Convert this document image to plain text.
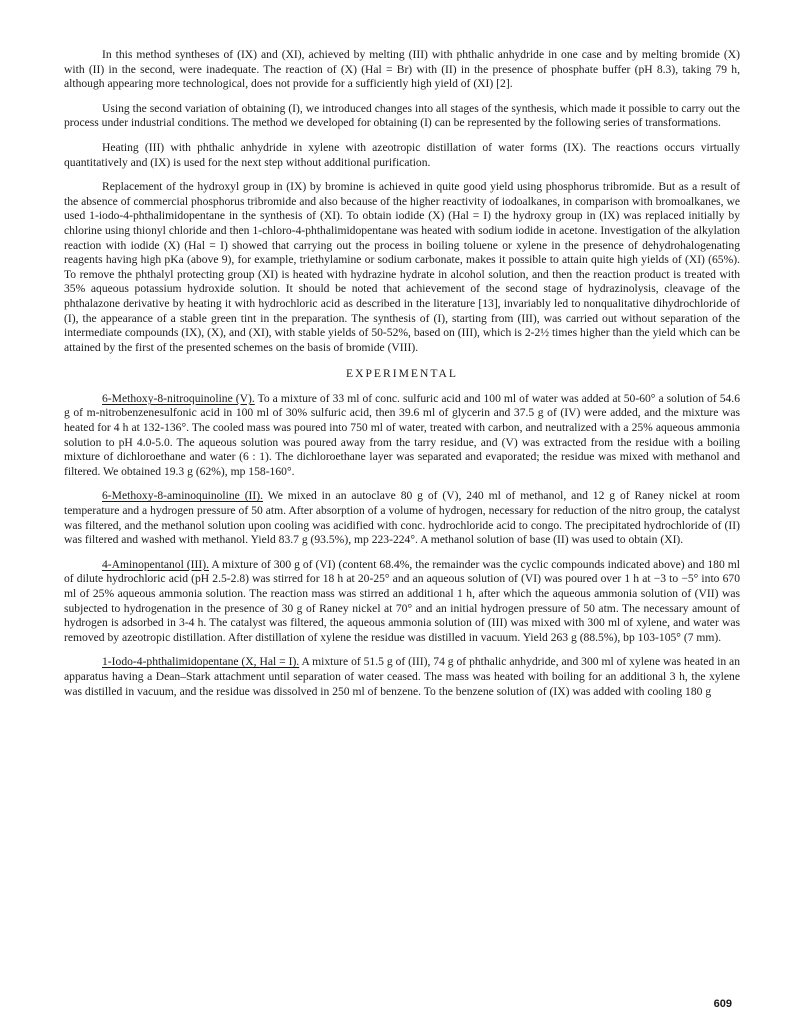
In this method syntheses of (IX) and (XI), achieved by melting (III) with phthalic anhydride in one case and by melting bromide (X) with (II) in the second, were inadequate. The reaction of (X) (Hal = Br) with (II) in the presence of phosphate buffer (pH 8.3), taking 79 h, although appearing more technological, does not provide for a sufficiently high yield of (XI) [2].

Using the second variation of obtaining (I), we introduced changes into all stages of the synthesis, which made it possible to carry out the process under industrial conditions. The method we developed for obtaining (I) can be represented by the following series of transformations.

Heating (III) with phthalic anhydride in xylene with azeotropic distillation of water forms (IX). The reactions occurs virtually quantitatively and (IX) is used for the next step without additional purification.

Replacement of the hydroxyl group in (IX) by bromine is achieved in quite good yield using phosphorus tribromide. But as a result of the absence of commercial phosphorus tribromide and also because of the higher reactivity of iodoalkanes, in comparison with bromoalkanes, we used 1-iodo-4-phthalimidopentane in the synthesis of (XI). To obtain iodide (X) (Hal = I) the hydroxy group in (IX) was replaced initially by chlorine using thionyl chloride and then 1-chloro-4-phthalimidopentane was heated with sodium iodide in acetone. Investigation of the alkylation reaction with iodide (X) (Hal = I) showed that carrying out the process in boiling toluene or xylene in the presence of dehydrohalogenating reagents having high pKa (above 9), for example, triethylamine or sodium carbonate, makes it possible to attain quite high yields of (XI) (65%). To remove the phthalyl protecting group (XI) is heated with hydrazine hydrate in alcohol solution, and then the reaction product is treated with 35% aqueous potassium hydroxide solution. It should be noted that achievement of the second stage of hydrazinolysis, cleavage of the phthalazone derivative by heating it with hydrochloric acid as described in the literature [13], invariably led to nonqualitative dihydrochloride of (I), the appearance of a stable green tint in the preparation. The synthesis of (I), starting from (III), was carried out without separation of the intermediate compounds (IX), (X), and (XI), with stable yields of 50-52%, based on (III), which is 2-2½ times higher than the yield which can be attained by the first of the presented schemes on the basis of bromide (VIII).

EXPERIMENTAL

6-Methoxy-8-nitroquinoline (V). To a mixture of 33 ml of conc. sulfuric acid and 100 ml of water was added at 50-60° a solution of 54.6 g of m-nitrobenzenesulfonic acid in 100 ml of 30% sulfuric acid, then 39.6 ml of glycerin and 37.5 g of (IV) were added, and the mixture was heated for 4 h at 132-136°. The cooled mass was poured into 750 ml of water, treated with carbon, and neutralized with a 25% aqueous ammonia solution to pH 4.0-5.0. The aqueous solution was poured away from the tarry residue, and (V) was extracted from the residue with a boiling mixture of dichloroethane and water (6 : 1). The dichloroethane layer was separated and evaporated; the residue was mixed with methanol and filtered. We obtained 19.3 g (62%), mp 158-160°.

6-Methoxy-8-aminoquinoline (II). We mixed in an autoclave 80 g of (V), 240 ml of methanol, and 12 g of Raney nickel at room temperature and a hydrogen pressure of 50 atm. After absorption of a volume of hydrogen, necessary for reduction of the nitro group, the catalyst was filtered, and the methanol solution upon cooling was acidified with conc. hydrochloride acid to congo. The precipitated hydrochloride of (II) was filtered and washed with methanol. Yield 83.7 g (93.5%), mp 223-224°. A methanol solution of base (II) was used to obtain (XI).

4-Aminopentanol (III). A mixture of 300 g of (VI) (content 68.4%, the remainder was the cyclic compounds indicated above) and 180 ml of dilute hydrochloric acid (pH 2.5-2.8) was stirred for 18 h at 20-25° and an aqueous solution of (VI) was poured over 1 h at −3 to −5° into 670 ml of 25% aqueous ammonia solution. The reaction mass was stirred an additional 1 h, after which the aqueous ammonia solution of (VII) was subjected to hydrogenation in the presence of 30 g of Raney nickel at 70° and an initial hydrogen pressure of 50 atm. The necessary amount of hydrogen is adsorbed in 3-4 h. The catalyst was filtered, the aqueous ammonia solution of (III) was mixed with 300 ml of xylene, and water was removed by azeotropic distillation. After distillation of xylene the residue was distilled in vacuum. Yield 263 g (88.5%), bp 103-105° (7 mm).

1-Iodo-4-phthalimidopentane (X, Hal = I). A mixture of 51.5 g of (III), 74 g of phthalic anhydride, and 300 ml of xylene was heated in an apparatus having a Dean–Stark attachment until separation of water ceased. The mass was heated with boiling for an additional 3 h, the xylene was distilled in vacuum, and the residue was dissolved in 250 ml of benzene. To the benzene solution of (IX) was added with cooling 180 g

609
